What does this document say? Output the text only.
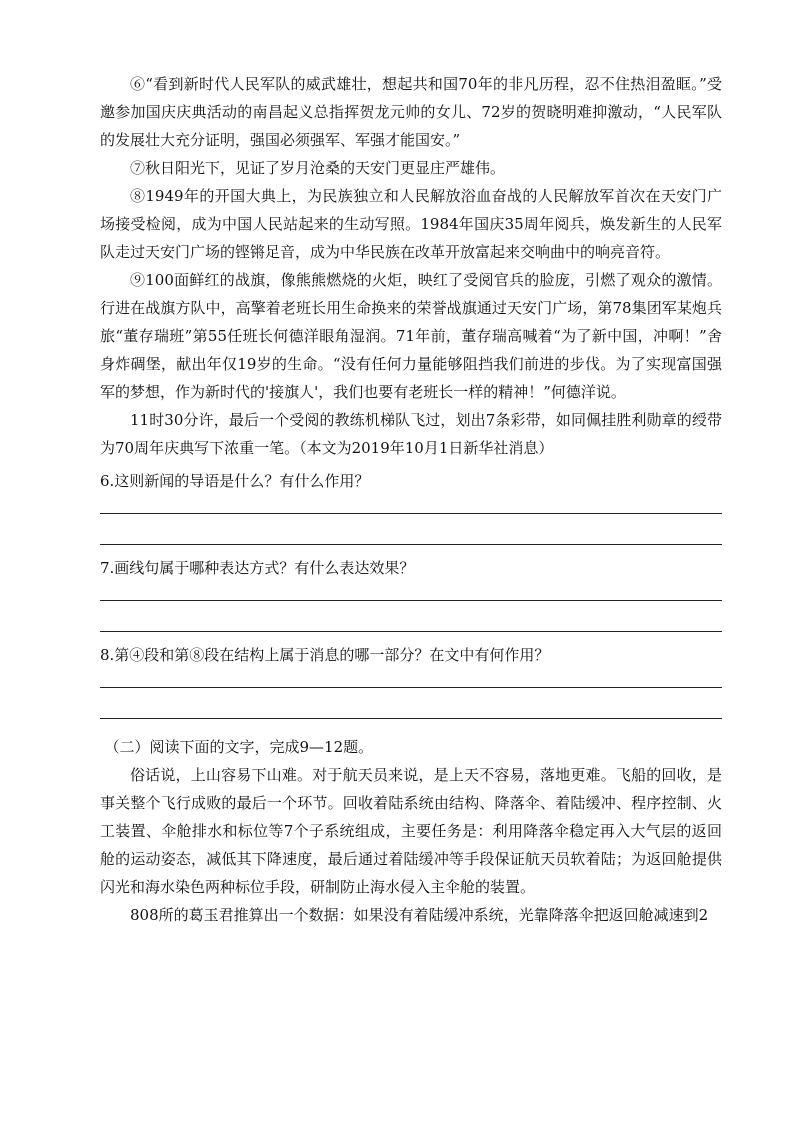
⑥“看到新时代人民军队的威武雄壮，想起共和国70年的非凡历程，忍不住热泪盈眶。”受邀参加国庆庆典活动的南昌起义总指挥贺龙元帅的女儿、72岁的贺晓明难抑激动，“人民军队的发展壮大充分证明，强国必须强军、军强才能国安。”

⑦秋日阳光下，见证了岁月沧桑的天安门更显庄严雄伟。

⑧1949年的开国大典上，为民族独立和人民解放浴血奋战的人民解放军首次在天安门广场接受检阅，成为中国人民站起来的生动写照。1984年国庆35周年阅兵，焕发新生的人民军队走过天安门广场的铿锵足音，成为中华民族在改革开放富起来交响曲中的响亮音符。

⑨100面鲜红的战旗，像熊熊燃烧的火炬，映红了受阅官兵的脸庞，引燃了观众的激情。行进在战旗方队中，高擎着老班长用生命换来的荣誉战旗通过天安门广场，第78集团军某炮兵旅“董存瑞班”第55任班长何德洋眼角湿润。71年前，董存瑞高喊着“为了新中国，冲啊！”舍身炸碉堡，献出年仅19岁的生命。“没有任何力量能够阻挡我们前进的步伐。为了实现富国强军的梦想，作为新时代的'接旗人'，我们也要有老班长一样的精神！”何德洋说。

11时30分许，最后一个受阅的教练机梯队飞过，划出7条彩带，如同佩挂胜利勋章的绶带为70周年庆典写下浓重一笔。（本文为2019年10月1日新华社消息）

6.这则新闻的导语是什么？有什么作用？

7.画线句属于哪种表达方式？有什么表达效果？

8.第④段和第⑧段在结构上属于消息的哪一部分？在文中有何作用？

（二）阅读下面的文字，完成9—12题。

俗话说，上山容易下山难。对于航天员来说，是上天不容易，落地更难。飞船的回收，是事关整个飞行成败的最后一个环节。回收着陆系统由结构、降落伞、着陆缓冲、程序控制、火工装置、伞舱排水和标位等7个子系统组成，主要任务是：利用降落伞稳定再入大气层的返回舱的运动姿态，减低其下降速度，最后通过着陆缓冲等手段保证航天员软着陆；为返回舱提供闪光和海水染色两种标位手段，研制防止海水侵入主伞舱的装置。

808所的葛玉君推算出一个数据：如果没有着陆缓冲系统，光靠降落伞把返回舱减速到2
